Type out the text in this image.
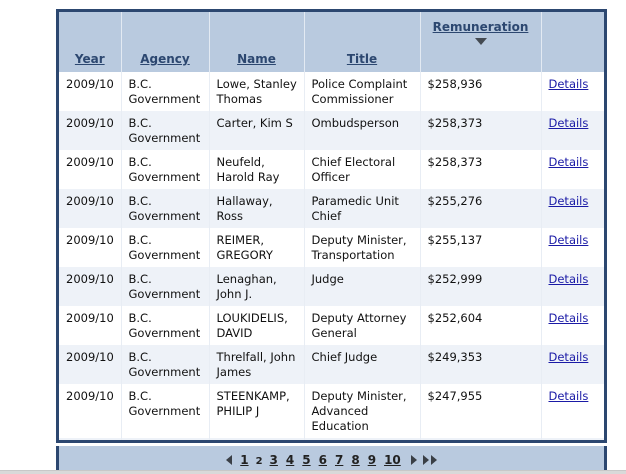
Year	Agency	Name	Title	Remuneration

2009/10	B.C. Government	Lowe, Stanley Thomas	Police Complaint Commissioner	$258,936	Details
2009/10	B.C. Government	Carter, Kim S	Ombudsperson	$258,373	Details
2009/10	B.C. Government	Neufeld, Harold Ray	Chief Electoral Officer	$258,373	Details
2009/10	B.C. Government	Hallaway, Ross	Paramedic Unit Chief	$255,276	Details
2009/10	B.C. Government	REIMER, GREGORY	Deputy Minister, Transportation	$255,137	Details
2009/10	B.C. Government	Lenaghan, John J.	Judge	$252,999	Details
2009/10	B.C. Government	LOUKIDELIS, DAVID	Deputy Attorney General	$252,604	Details
2009/10	B.C. Government	Threlfall, John James	Chief Judge	$249,353	Details
2009/10	B.C. Government	STEENKAMP, PHILIP J	Deputy Minister, Advanced Education	$247,955	Details

1 2 3 4 5 6 7 8 9 10
